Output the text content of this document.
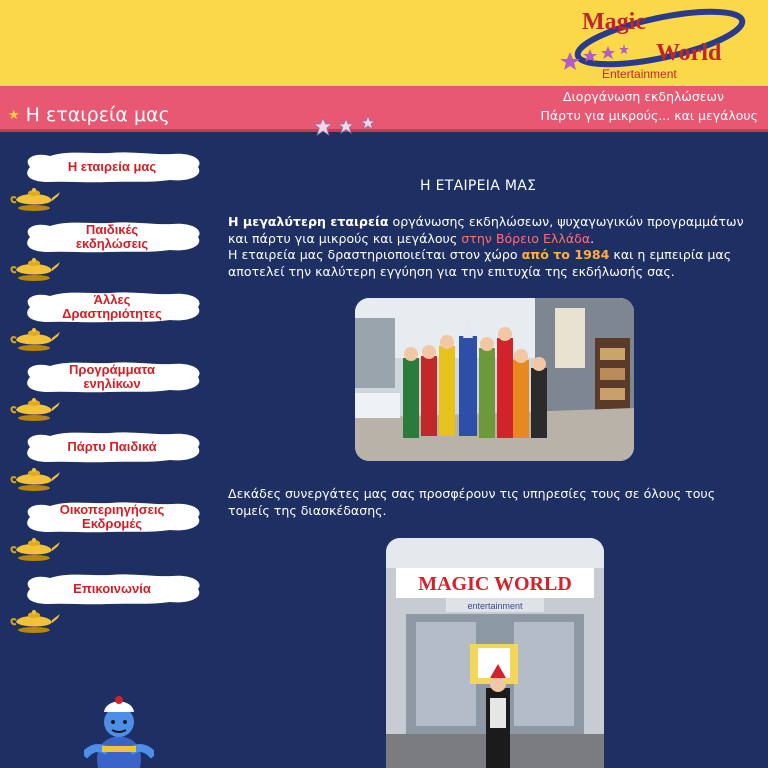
Magic
World
Entertainment
★ Η εταιρεία μας
Διοργάνωση εκδηλώσεων
Πάρτυ για μικρούς... και μεγάλους
Η εταιρεία μας
Παιδικές
εκδηλώσεις
Άλλες
Δραστηριότητες
Προγράμματα
ενηλίκων
Πάρτυ Παιδικά
Οικοπεριηγήσεις
Εκδρομές
Επικοινωνία
Η ΕΤΑΙΡΕΙΑ ΜΑΣ
Η μεγαλύτερη εταιρεία οργάνωσης εκδηλώσεων, ψυχαγωγικών προγραμμάτων και πάρτυ για μικρούς και μεγάλους στην Βόρειο Ελλάδα.
Η εταιρεία μας δραστηριοποιείται στον χώρο από το 1984 και η εμπειρία μας αποτελεί την καλύτερη εγγύηση για την επιτυχία της εκδήλωσής σας.
Δεκάδες συνεργάτες μας σας προσφέρουν τις υπηρεσίες τους σε όλους τους τομείς της διασκέδασης.
MAGIC WORLD
entertainment
